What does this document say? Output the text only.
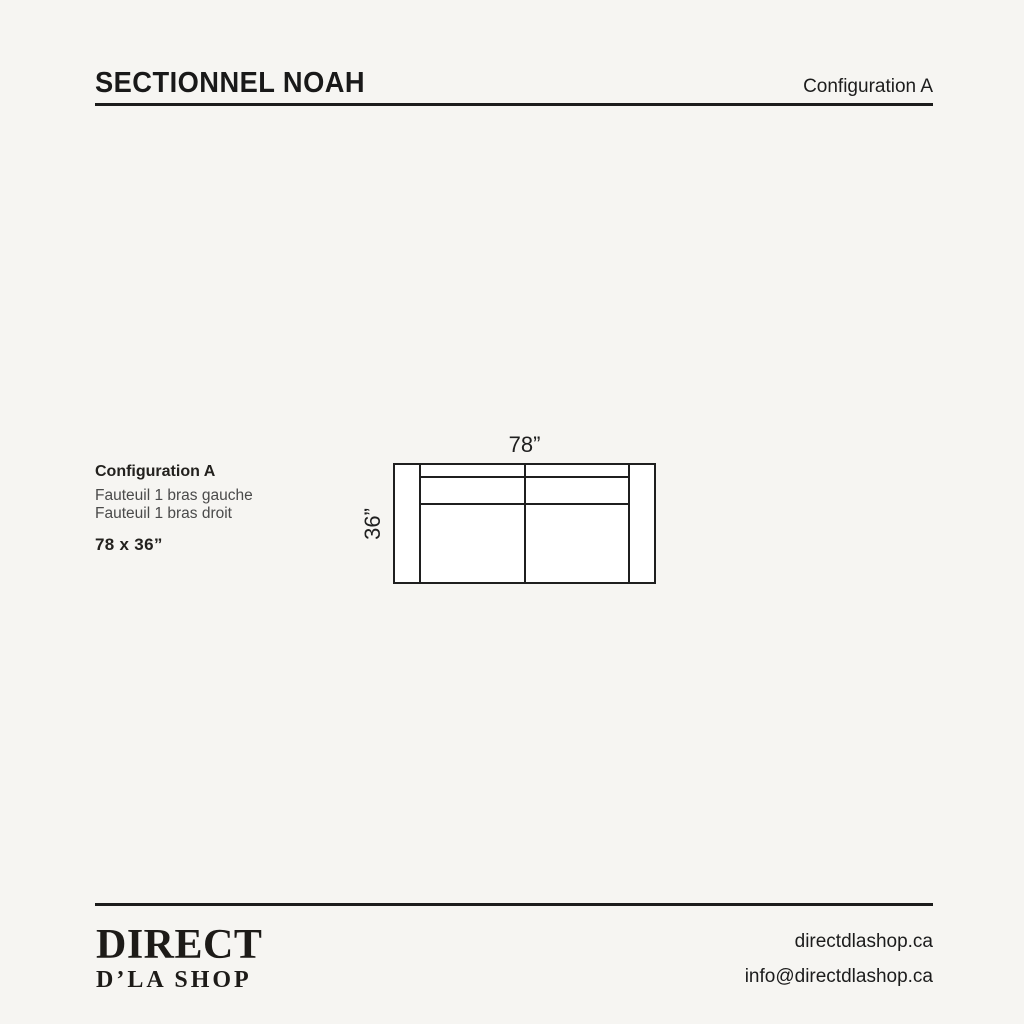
SECTIONNEL NOAH	Configuration A
Configuration A
Fauteuil 1 bras gauche
Fauteuil 1 bras droit
78 x 36”
78”
36”
DIRECT
D’LA SHOP
directdlashop.ca
info@directdlashop.ca
